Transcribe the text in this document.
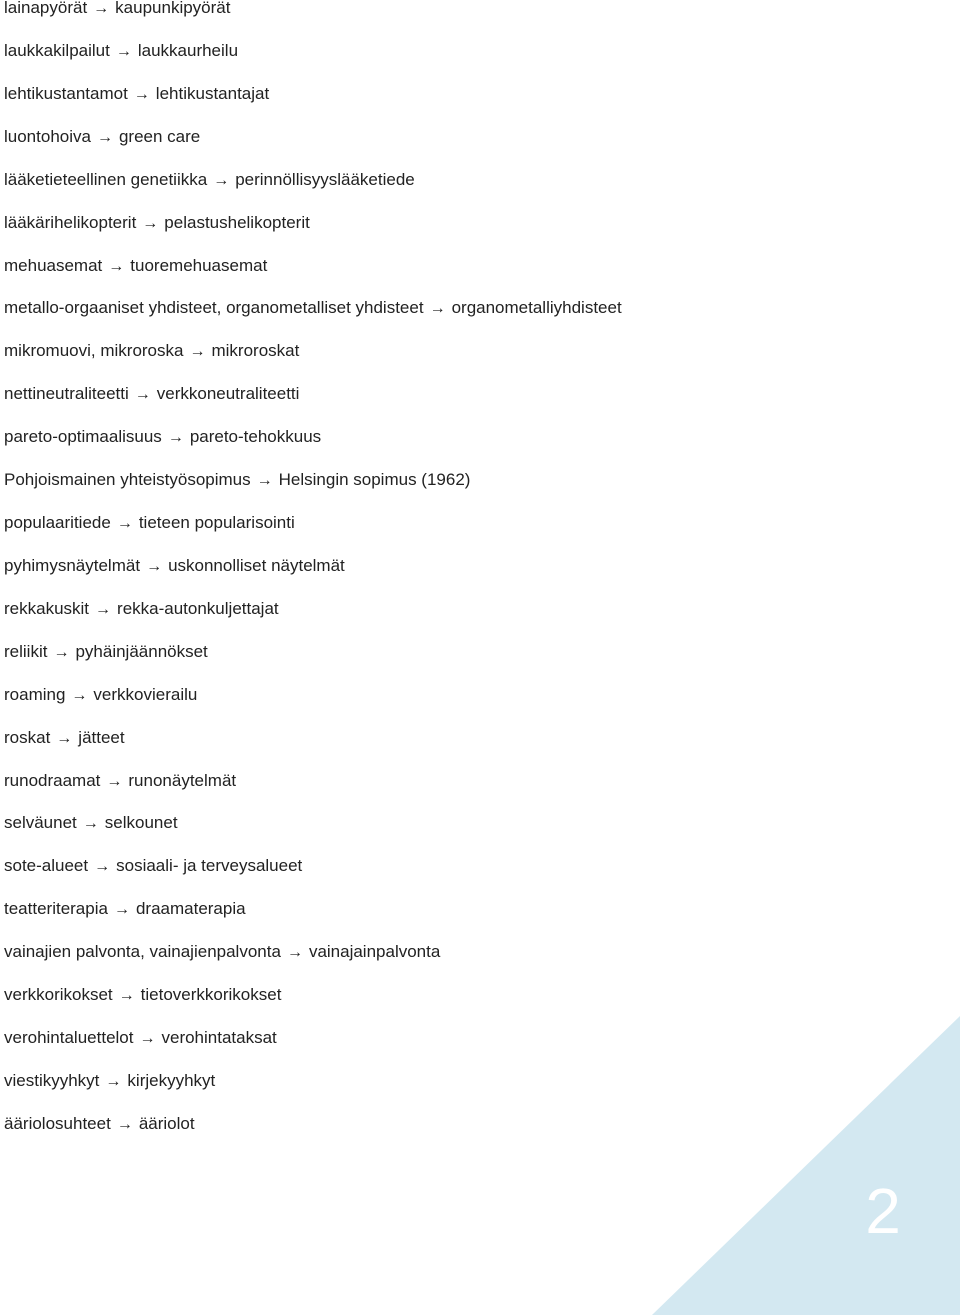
lainapyörät → kaupunkipyörät
laukkakilpailut → laukkaurheilu
lehtikustantamot → lehtikustantajat
luontohoiva → green care
lääketieteellinen genetiikka → perinnöllisyyslääketiede
lääkärihelikopterit → pelastushelikopterit
mehuasemat → tuoremehuasemat
metallo-orgaaniset yhdisteet, organometalliset yhdisteet → organometalliyhdisteet
mikromuovi, mikroroska → mikroroskat
nettineutraliteetti → verkkoneutraliteetti
pareto-optimaalisuus → pareto-tehokkuus
Pohjoismainen yhteistyösopimus → Helsingin sopimus (1962)
populaaritiede → tieteen popularisointi
pyhimysnäytelmät → uskonnolliset näytelmät
rekkakuskit → rekka-autonkuljettajat
reliikit → pyhäinjäännökset
roaming → verkkovierailu
roskat → jätteet
runodraamat → runonäytelmät
selväunet → selkounet
sote-alueet → sosiaali- ja terveysalueet
teatteriterapia → draamaterapia
vainajien palvonta, vainajienpalvonta → vainajainpalvonta
verkkorikokset → tietoverkkorikokset
verohintaluettelot → verohintataksat
viestikyyhkyt → kirjekyyhkyt
ääriolosuhteet → ääriolot
2
